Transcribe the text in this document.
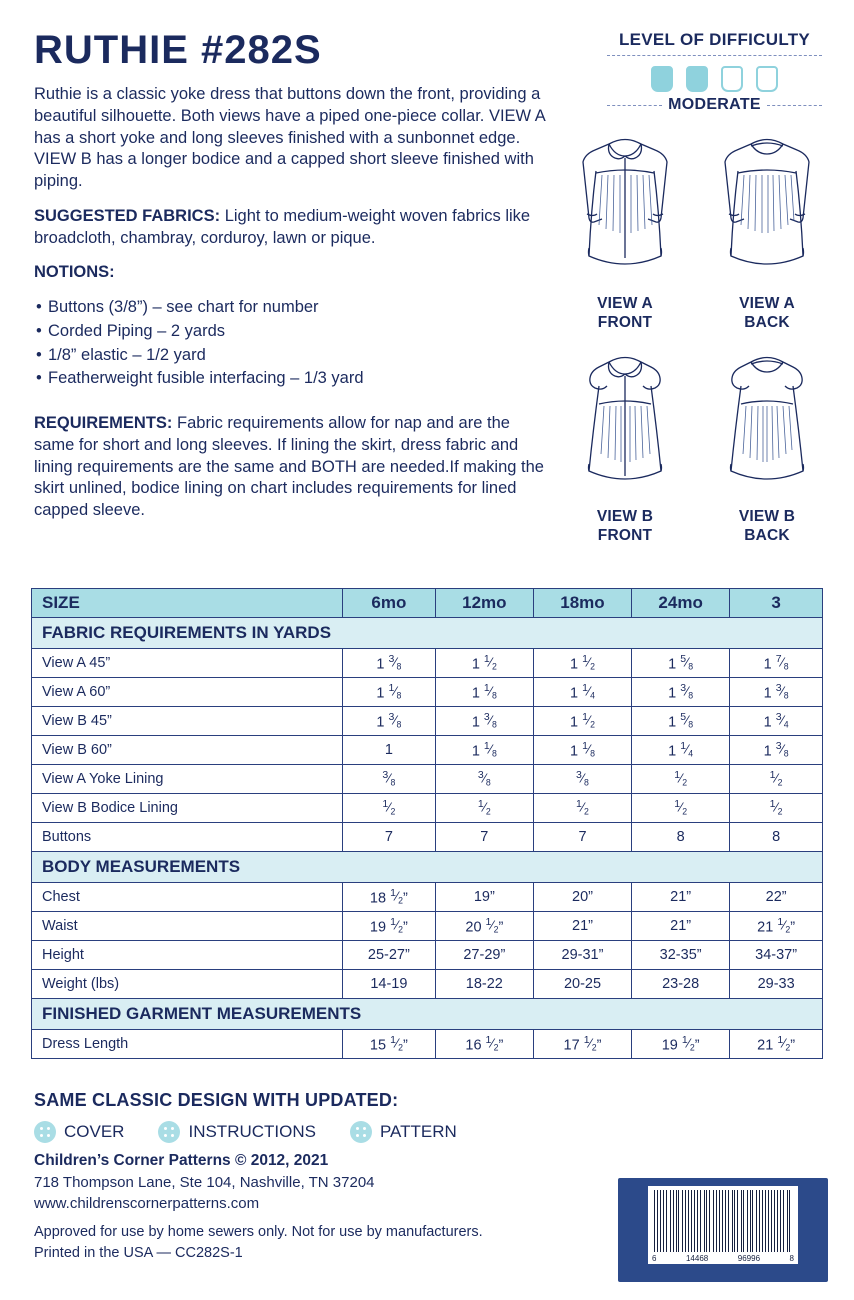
RUTHIE #282S	LEVEL OF DIFFICULTY
MODERATE

Ruthie is a classic yoke dress that buttons down the front, providing a beautiful silhouette. Both views have a piped one-piece collar. VIEW A has a short yoke and long sleeves finished with a sunbonnet edge. VIEW B has a longer bodice and a capped short sleeve finished with piping.

SUGGESTED FABRICS: Light to medium-weight woven fabrics like broadcloth, chambray, corduroy, lawn or pique.

NOTIONS:

• Buttons (3/8”) – see chart for number
• Corded Piping – 2 yards
• 1/8” elastic – 1/2 yard
• Featherweight fusible interfacing – 1/3 yard

REQUIREMENTS: Fabric requirements allow for nap and are the same for short and long sleeves. If lining the skirt, dress fabric and lining requirements are the same and BOTH are needed.If making the skirt unlined, bodice lining on chart includes requirements for lined capped sleeve.

VIEW A
FRONT
VIEW A
BACK
VIEW B
FRONT
VIEW B
BACK
SIZE	6mo	12mo	18mo	24mo	3
FABRIC REQUIREMENTS IN YARDS					
View A 45”	1 $^3⁄_8$	1 $^1⁄_2$	1 $^1⁄_2$	1 $^5⁄_8$	1 $^7⁄_8$
View A 60”	1 $^1⁄_8$	1 $^1⁄_8$	1 $^1⁄_4$	1 $^3⁄_8$	1 $^3⁄_8$
View B 45”	1 $^3⁄_8$	1 $^3⁄_8$	1 $^1⁄_2$	1 $^5⁄_8$	1 $^3⁄_4$
View B 60”	1	1 $^1⁄_8$	1 $^1⁄_8$	1 $^1⁄_4$	1 $^3⁄_8$
View A Yoke Lining	$^3⁄_8$	$^3⁄_8$	$^3⁄_8$	$^1⁄_2$	$^1⁄_2$
View B Bodice Lining	$^1⁄_2$	$^1⁄_2$	$^1⁄_2$	$^1⁄_2$	$^1⁄_2$
Buttons	7	7	7	8	8
BODY MEASUREMENTS					
Chest	18 $^1⁄_2$”	19”	20”	21”	22”
Waist	19 $^1⁄_2$”	20 $^1⁄_2$”	21”	21”	21 $^1⁄_2$”
Height	25-27”	27-29”	29-31”	32-35”	34-37”
Weight (lbs)	14-19	18-22	20-25	23-28	29-33
FINISHED GARMENT MEASUREMENTS					
Dress Length	15 $^1⁄_2$”	16 $^1⁄_2$”	17 $^1⁄_2$”	19 $^1⁄_2$”	21 $^1⁄_2$”
SAME CLASSIC DESIGN WITH UPDATED:
COVER	INSTRUCTIONS	PATTERN
Children’s Corner Patterns © 2012, 2021
718 Thompson Lane, Ste 104, Nashville, TN 37204
www.childrenscornerpatterns.com
Approved for use by home sewers only. Not for use by manufacturers.
Printed in the USA — CC282S-1	6	14468	96996	8
